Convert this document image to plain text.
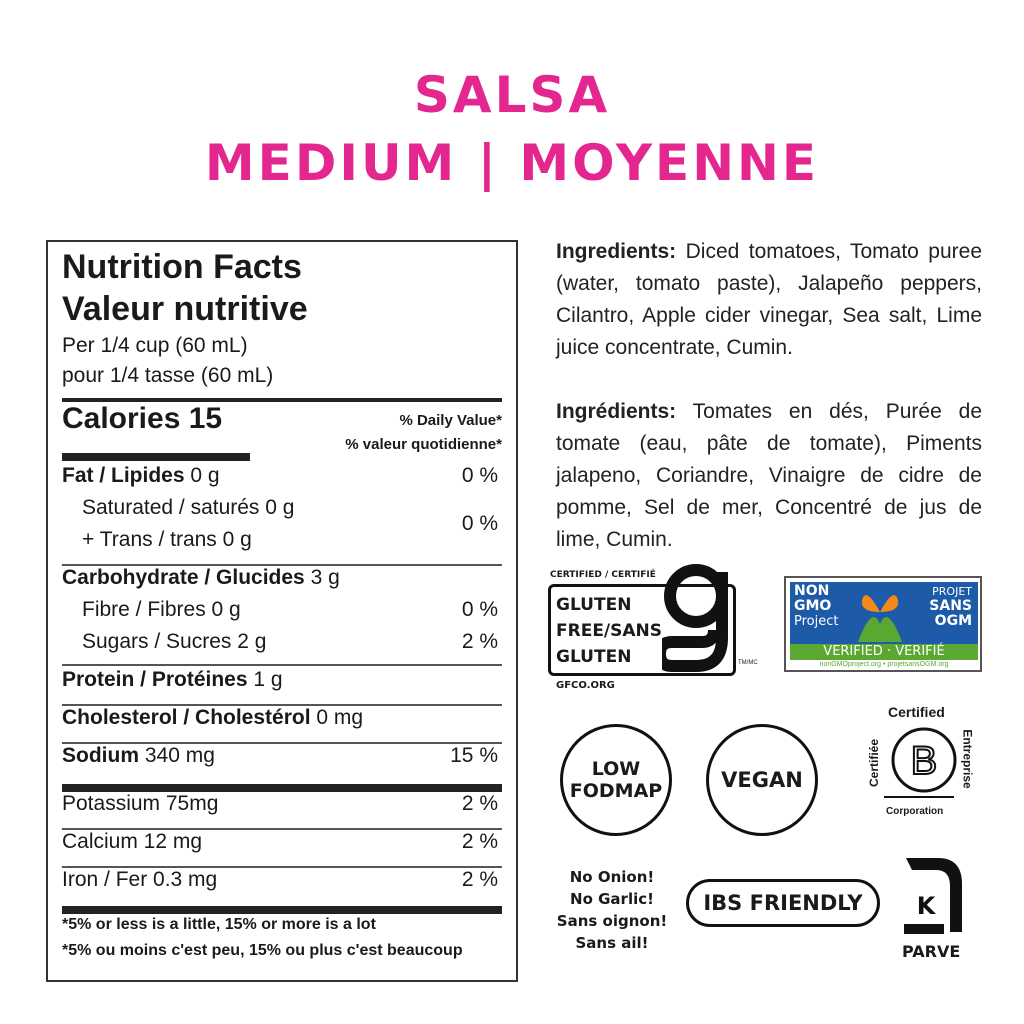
SALSA
MEDIUM | MOYENNE
Nutrition Facts
Valeur nutritive
Per 1/4 cup (60 mL)
pour 1/4 tasse (60 mL)
Calories 15	% Daily Value*
% valeur quotidienne*
Fat / Lipides 0 g	0 %
Saturated / saturés 0 g
+ Trans / trans 0 g
0 %
Carbohydrate / Glucides 3 g
Fibre / Fibres 0 g	0 %
Sugars / Sucres 2 g	2 %
Protein / Protéines 1 g
Cholesterol / Cholestérol 0 mg
Sodium 340 mg	15 %
Potassium 75mg	2 %
Calcium 12 mg	2 %
Iron / Fer 0.3 mg	2 %
*5% or less is a little, 15% or more is a lot
*5% ou moins c'est peu, 15% ou plus c'est beaucoup
Ingredients: Diced tomatoes, Tomato puree (water, tomato paste), Jalapeño peppers, Cilantro, Apple cider vinegar, Sea salt, Lime juice concentrate, Cumin.
Ingrédients: Tomates en dés, Purée de tomate (eau, pâte de tomate), Piments jalapeno, Coriandre, Vinaigre de cidre de pomme, Sel de mer, Concentré de jus de lime, Cumin.
CERTIFIED / CERTIFIÉ
GLUTEN
FREE/SANS
GLUTEN	TM/MC
GFCO.ORG
NON
GMO
Project
PROJET
SANS
OGM
VERIFIED · VERIFIÉ
nonGMOproject.org • projetsansOGM.org
LOW
FODMAP	VEGAN
Certified
Certifiée	Entreprise
B
Corporation
No Onion!
No Garlic!
Sans oignon!
Sans ail!
IBS FRIENDLY	K
PARVE
